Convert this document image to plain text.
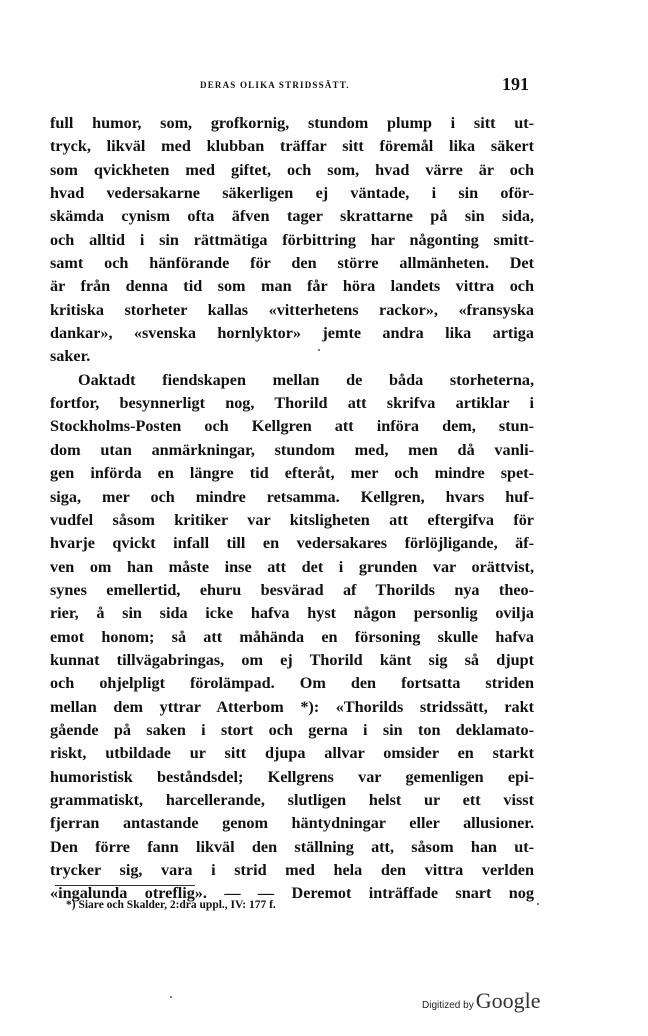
DERAS OLIKA STRIDSSÄTT.	191
full humor, som, grofkornig, stundom plump i sitt ut-
tryck, likväl med klubban träffar sitt föremål lika säkert
som qvickheten med giftet, och som, hvad värre är och
hvad vedersakarne säkerligen ej väntade, i sin oför-
skämda cynism ofta äfven tager skrattarne på sin sida,
och alltid i sin rättmätiga förbittring har någonting smitt-
samt och hänförande för den större allmänheten. Det
är från denna tid som man får höra landets vittra och
kritiska storheter kallas «vitterhetens rackor», «fransyska
dankar», «svenska hornlyktor» jemte andra lika artiga
saker.
Oaktadt fiendskapen mellan de båda storheterna,
fortfor, besynnerligt nog, Thorild att skrifva artiklar i
Stockholms-Posten och Kellgren att införa dem, stun-
dom utan anmärkningar, stundom med, men då vanli-
gen införda en längre tid efteråt, mer och mindre spet-
siga, mer och mindre retsamma. Kellgren, hvars huf-
vudfel såsom kritiker var kitsligheten att eftergifva för
hvarje qvickt infall till en vedersakares förlöjligande, äf-
ven om han måste inse att det i grunden var orättvist,
synes emellertid, ehuru besvärad af Thorilds nya theo-
rier, å sin sida icke hafva hyst någon personlig ovilja
emot honom; så att måhända en försoning skulle hafva
kunnat tillvägabringas, om ej Thorild känt sig så djupt
och ohjelpligt förolämpad. Om den fortsatta striden
mellan dem yttrar Atterbom *): «Thorilds stridssätt, rakt
gående på saken i stort och gerna i sin ton deklamato-
riskt, utbildade ur sitt djupa allvar omsider en starkt
humoristisk beståndsdel; Kellgrens var gemenligen epi-
grammatiskt, harcellerande, slutligen helst ur ett visst
fjerran antastande genom häntydningar eller allusioner.
Den förre fann likväl den ställning att, såsom han ut-
trycker sig, vara i strid med hela den vittra verlden
«ingalunda otreflig». — — Deremot inträffade snart nog
*) Siare och Skalder, 2:dra uppl., IV: 177 f.
Digitized by Google
